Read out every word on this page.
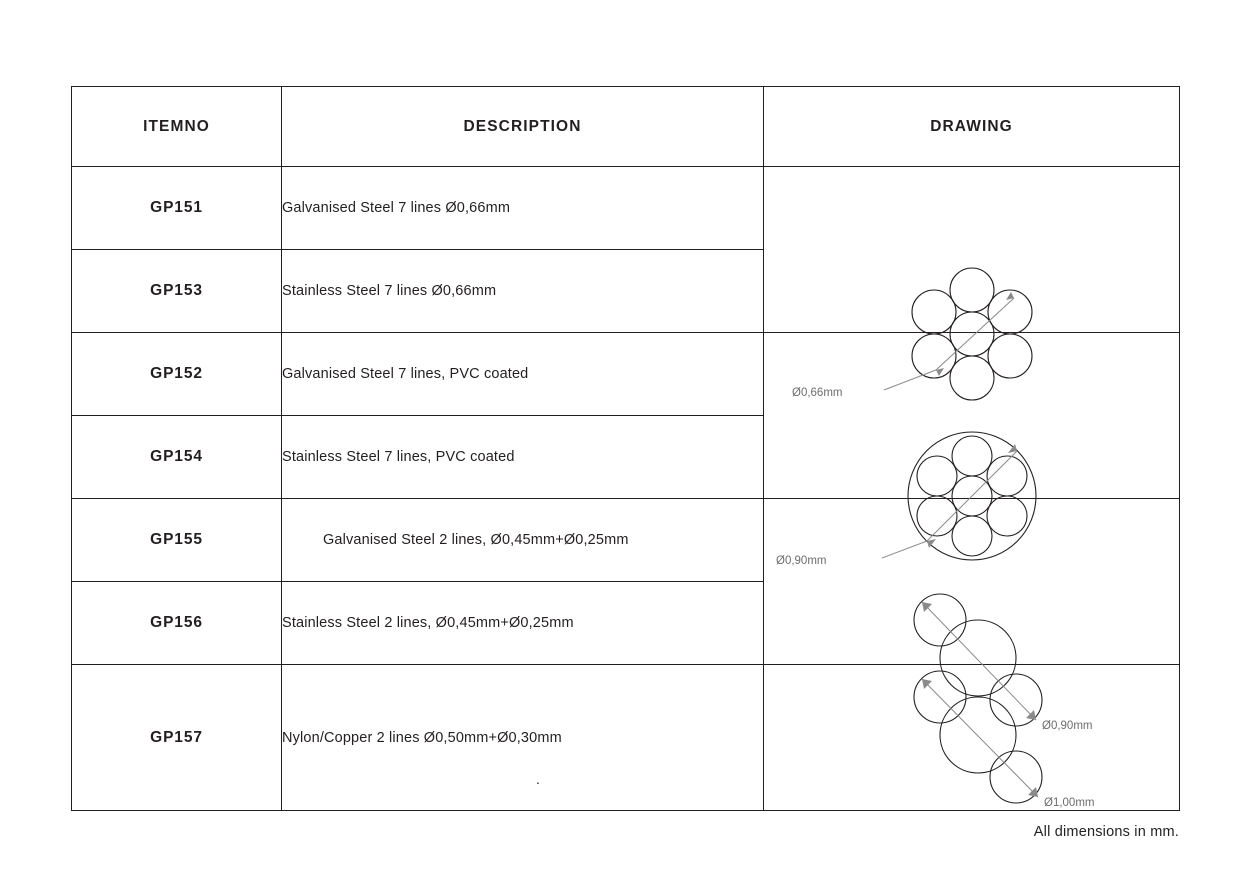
ITEMNO	DESCRIPTION	DRAWING
GP151	Galvanised Steel 7 lines Ø0,66mm	Ø0,66mm

GP153	Stainless Steel 7 lines Ø0,66mm	
GP152	Galvanised Steel 7 lines, PVC coated	Ø0,90mm

GP154	Stainless Steel 7 lines, PVC coated	
GP155	Galvanised Steel 2 lines, Ø0,45mm+Ø0,25mm	Ø0,90mm

GP156	Stainless Steel 2 lines, Ø0,45mm+Ø0,25mm	
GP157	Nylon/Copper 2 lines Ø0,50mm+Ø0,30mm	Ø1,00mm
.
All dimensions in mm.
